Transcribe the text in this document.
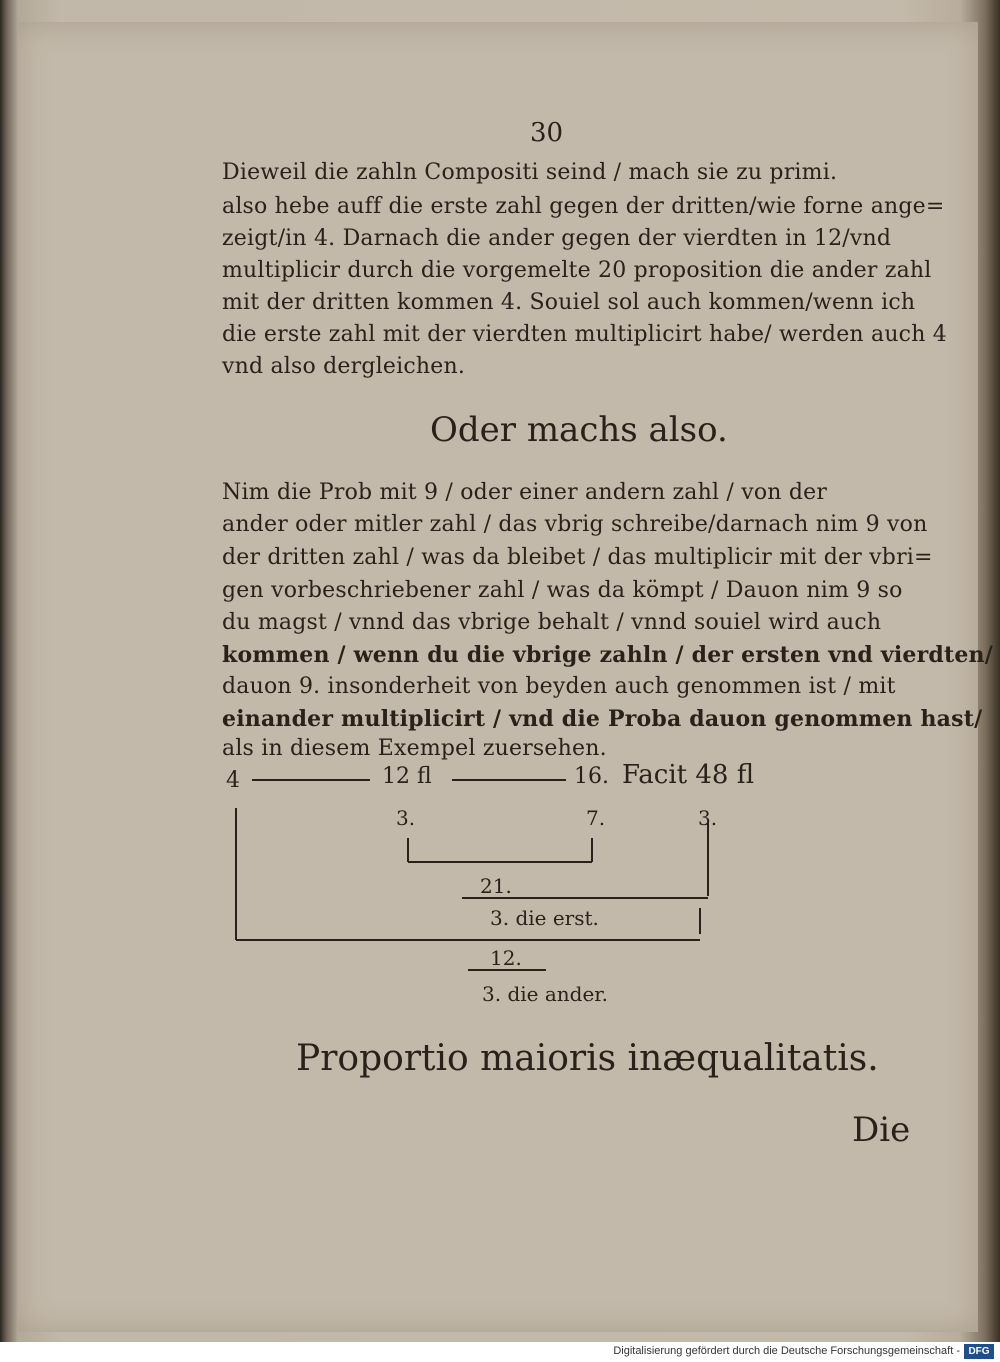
30
Dieweil die zahln Compositi seind / mach sie zu primi.
also hebe auff die erste zahl gegen der dritten/wie forne ange=
zeigt/in 4. Darnach die ander gegen der vierdten in 12/vnd
multiplicir durch die vorgemelte 20 proposition die ander zahl
mit der dritten kommen 4. Souiel sol auch kommen/wenn ich
die erste zahl mit der vierdten multiplicirt habe/ werden auch 4
vnd also dergleichen.
Oder machs also.
Nim die Prob mit 9 / oder einer andern zahl / von der
ander oder mitler zahl / das vbrig schreibe/darnach nim 9 von
der dritten zahl / was da bleibet / das multiplicir mit der vbri=
gen vorbeschriebener zahl / was da kömpt / Dauon nim 9 so
du magst / vnnd das vbrige behalt / vnnd souiel wird auch
kommen / wenn du die vbrige zahln / der ersten vnd vierdten/
dauon 9. insonderheit von beyden auch genommen ist / mit
einander multiplicirt / vnd die Proba dauon genommen hast/
als in diesem Exempel zuersehen.
4	12 fl	16. Facit 48 fl
3.	7.	3.
21.
3. die erst.
12.
3. die ander.
Proportio maioris inæqualitatis.
Die
Digitalisierung gefördert durch die Deutsche Forschungsgemeinschaft - DFG
